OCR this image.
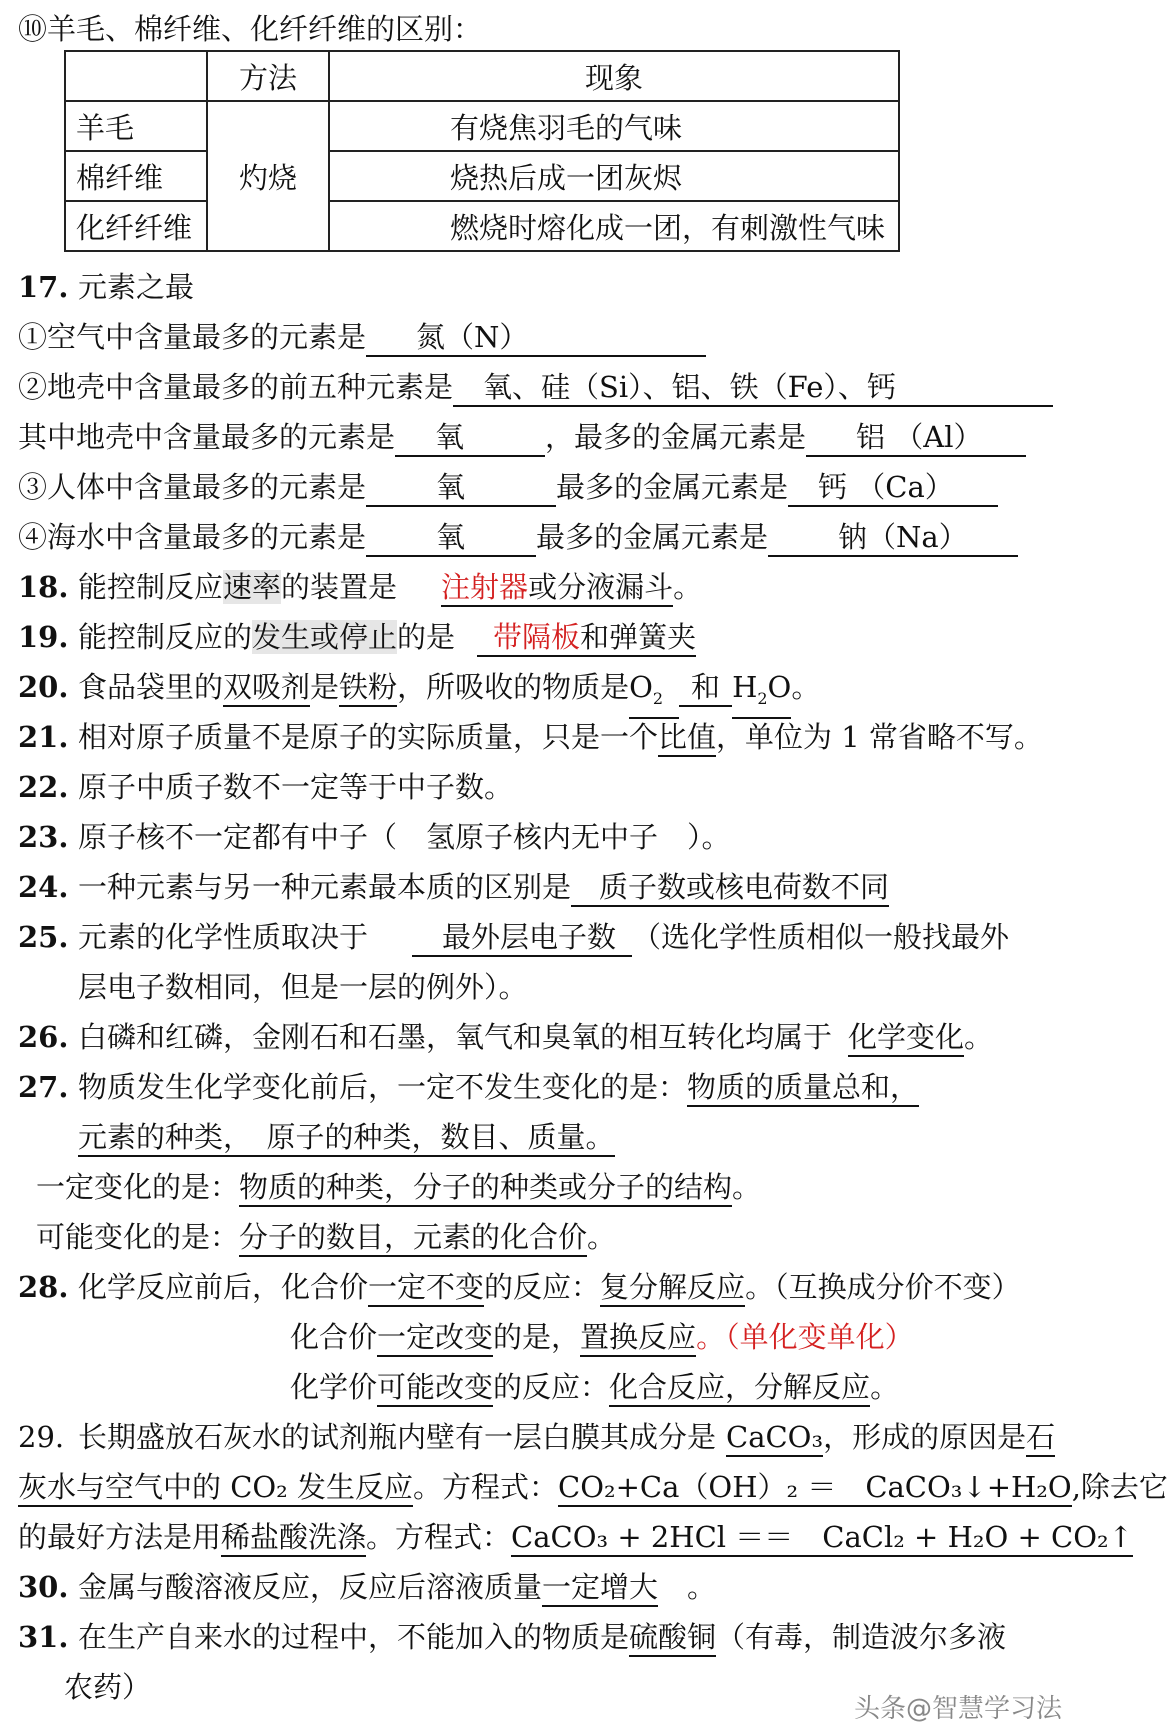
⑩羊毛、棉纤维、化纤纤维的区别：
	方法	现象
羊毛	灼烧	有烧焦羽毛的气味
棉纤维		烧热后成一团灰烬
化纤纤维		燃烧时熔化成一团，有刺激性气味
17. 元素之最
①空气中含量最多的元素是 氮（N）
②地壳中含量最多的前五种元素是 氧、硅（Si）、铝、铁（Fe）、钙
其中地壳中含量最多的元素是 氧	，最多的金属元素是 铝 （Al）
③人体中含量最多的元素是 氧	最多的金属元素是 钙 （Ca）
④海水中含量最多的元素是 氧 最多的金属元素是 钠（Na）
18. 能控制反应速率的装置是 注射器或分液漏斗。
19. 能控制反应的发生或停止的是 带隔板和弹簧夹
20. 食品袋里的双吸剂是铁粉，所吸收的物质是$O_2$ 和 $H_2O$。
21. 相对原子质量不是原子的实际质量，只是一个比值，单位为 1 常省略不写。
22. 原子中质子数不一定等于中子数。
23. 原子核不一定都有中子（　氢原子核内无中子　）。
24. 一种元素与另一种元素最本质的区别是 质子数或核电荷数不同
25. 元素的化学性质取决于	最外层电子数 （选化学性质相似一般找最外
层电子数相同，但是一层的例外）。
26. 白磷和红磷，金刚石和石墨，氧气和臭氧的相互转化均属于 化学变化。
27. 物质发生化学变化前后，一定不发生变化的是：物质的质量总和，
元素的种类，　原子的种类，数目、质量。
一定变化的是：物质的种类，分子的种类或分子的结构。
可能变化的是：分子的数目，元素的化合价。
28. 化学反应前后，化合价一定不变的反应：复分解反应。（互换成分价不变）
化合价一定改变的是，置换反应。（单化变单化）
化学价可能改变的反应：化合反应，分解反应。
29. 长期盛放石灰水的试剂瓶内壁有一层白膜其成分是 CaCO₃，形成的原因是石
灰水与空气中的 CO₂ 发生反应。方程式：CO₂+Ca（OH）₂ ＝　CaCO₃↓+H₂O,除去它
的最好方法是用稀盐酸洗涤。方程式：CaCO₃ + 2HCl ＝＝　CaCl₂ + H₂O + CO₂↑
30. 金属与酸溶液反应，反应后溶液质量一定增大　。
31. 在生产自来水的过程中，不能加入的物质是硫酸铜（有毒，制造波尔多液
农药）
头条@智慧学习法
